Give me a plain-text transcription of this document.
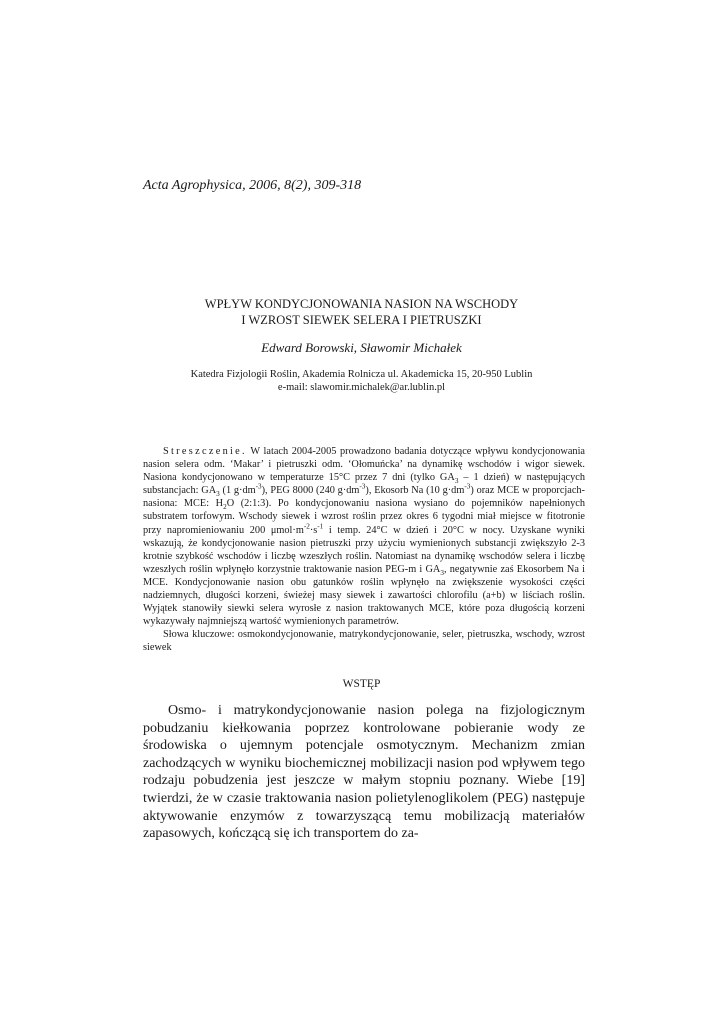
Acta Agrophysica, 2006, 8(2), 309-318
WPŁYW KONDYCJONOWANIA NASION NA WSCHODY
I WZROST SIEWEK SELERA I PIETRUSZKI
Edward Borowski, Sławomir Michałek
Katedra Fizjologii Roślin, Akademia Rolnicza ul. Akademicka 15, 20-950 Lublin
e-mail: slawomir.michalek@ar.lublin.pl

Streszczenie. W latach 2004-2005 prowadzono badania dotyczące wpływu kondycjonowania nasion selera odm. ‘Makar’ i pietruszki odm. ‘Ołomuńcka’ na dynamikę wschodów i wigor siewek. Nasiona kondycjonowano w temperaturze 15°C przez 7 dni (tylko $GA_3 - 1$ dzień) w następujących substancjach: $GA_3$ (1 $g\cdot dm^{-3}$), PEG 8000 (240 $g\cdot dm^{-3}$), Ekosorb Na (10 $g\cdot dm^{-3}$) oraz MCE w proporcjach- nasiona: MCE: $H_2O$ (2:1:3). Po kondycjonowaniu nasiona wysiano do pojemników napełnionych substratem torfowym. Wschody siewek i wzrost roślin przez okres 6 tygodni miał miejsce w fitotronie przy napromieniowaniu 200 $\mu mol\cdot m^{-2}\cdot s^{-1}$ i temp. 24°C w dzień i 20°C w nocy. Uzyskane wyniki wskazują, że kondycjonowanie nasion pietruszki przy użyciu wymienionych substancji zwiększyło 2-3 krotnie szybkość wschodów i liczbę wzeszłych roślin. Natomiast na dynamikę wschodów selera i liczbę wzeszłych roślin wpłynęło korzystnie traktowanie nasion PEG-m i $GA_3$, negatywnie zaś Ekosorbem Na i MCE. Kondycjonowanie nasion obu gatunków roślin wpłynęło na zwiększenie wysokości części nadziemnych, długości korzeni, świeżej masy siewek i zawartości chlorofilu (a+b) w liściach roślin. Wyjątek stanowiły siewki selera wyrosłe z nasion traktowanych MCE, które poza długością korzeni wykazywały najmniejszą wartość wymienionych parametrów.

Słowa kluczowe: osmokondycjonowanie, matrykondycjonowanie, seler, pietruszka, wschody, wzrost siewek

WSTĘP

Osmo- i matrykondycjonowanie nasion polega na fizjologicznym pobudzaniu kiełkowania poprzez kontrolowane pobieranie wody ze środowiska o ujemnym potencjale osmotycznym. Mechanizm zmian zachodzących w wyniku biochemicznej mobilizacji nasion pod wpływem tego rodzaju pobudzenia jest jeszcze w małym stopniu poznany. Wiebe [19] twierdzi, że w czasie traktowania nasion polietylenoglikolem (PEG) następuje aktywowanie enzymów z towarzyszącą temu mobilizacją materiałów zapasowych, kończącą się ich transportem do za-
